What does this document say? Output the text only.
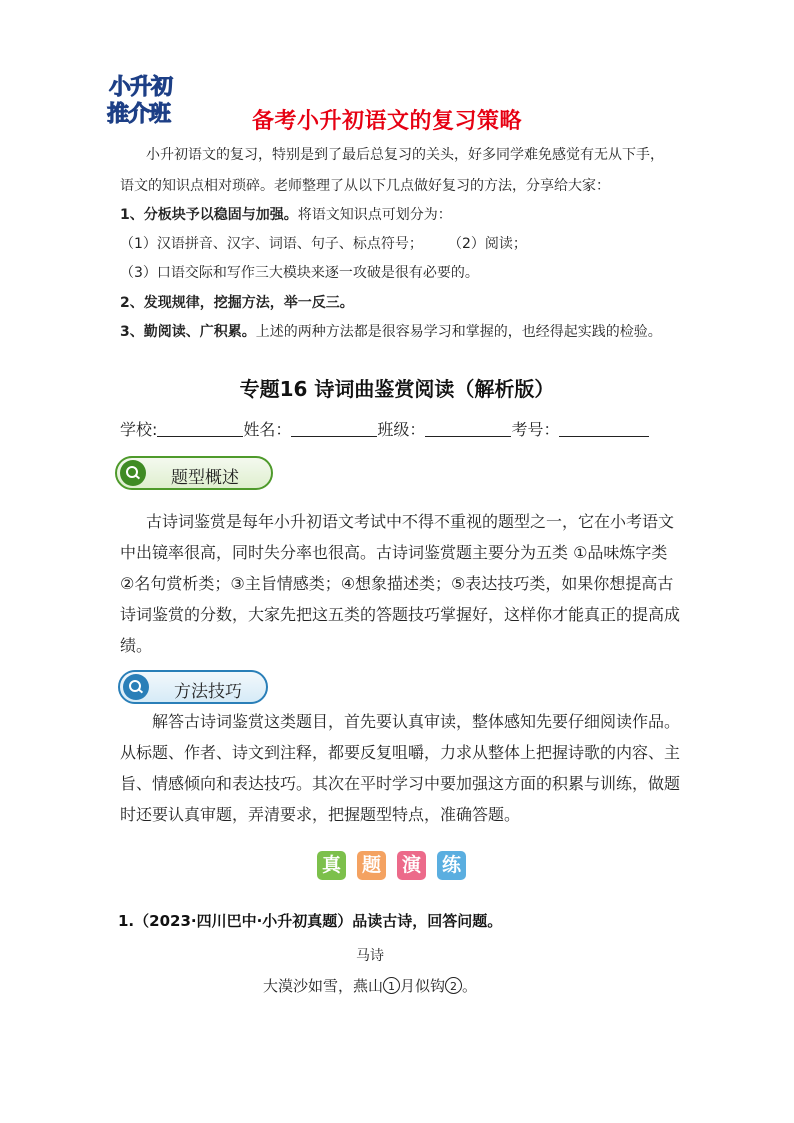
小升初
推介班	备考小升初语文的复习策略
小升初语文的复习，特别是到了最后总复习的关头，好多同学难免感觉有无从下手，
语文的知识点相对琐碎。老师整理了从以下几点做好复习的方法，分享给大家：
1、分板块予以稳固与加强。将语文知识点可划分为：
（1）汉语拼音、汉字、词语、句子、标点符号； （2）阅读；
（3）口语交际和写作三大模块来逐一攻破是很有必要的。
2、发现规律，挖掘方法，举一反三。
3、勤阅读、广积累。上述的两种方法都是很容易学习和掌握的，也经得起实践的检验。
专题16 诗词曲鉴赏阅读（解析版）
学校:	姓名：	班级：	考号：
题型概述
古诗词鉴赏是每年小升初语文考试中不得不重视的题型之一，它在小考语文
中出镜率很高，同时失分率也很高。古诗词鉴赏题主要分为五类 ①品味炼字类
②名句赏析类；③主旨情感类；④想象描述类；⑤表达技巧类，如果你想提高古
诗词鉴赏的分数，大家先把这五类的答题技巧掌握好，这样你才能真正的提高成
绩。
方法技巧
解答古诗词鉴赏这类题目，首先要认真审读，整体感知先要仔细阅读作品。
从标题、作者、诗文到注释，都要反复咀嚼，力求从整体上把握诗歌的内容、主
旨、情感倾向和表达技巧。其次在平时学习中要加强这方面的积累与训练，做题
时还要认真审题，弄清要求，把握题型特点，准确答题。
真 题 演 练
1.（2023·四川巴中·小升初真题）品读古诗，回答问题。
马诗
大漠沙如雪，燕山 1 月似钩 2 。
